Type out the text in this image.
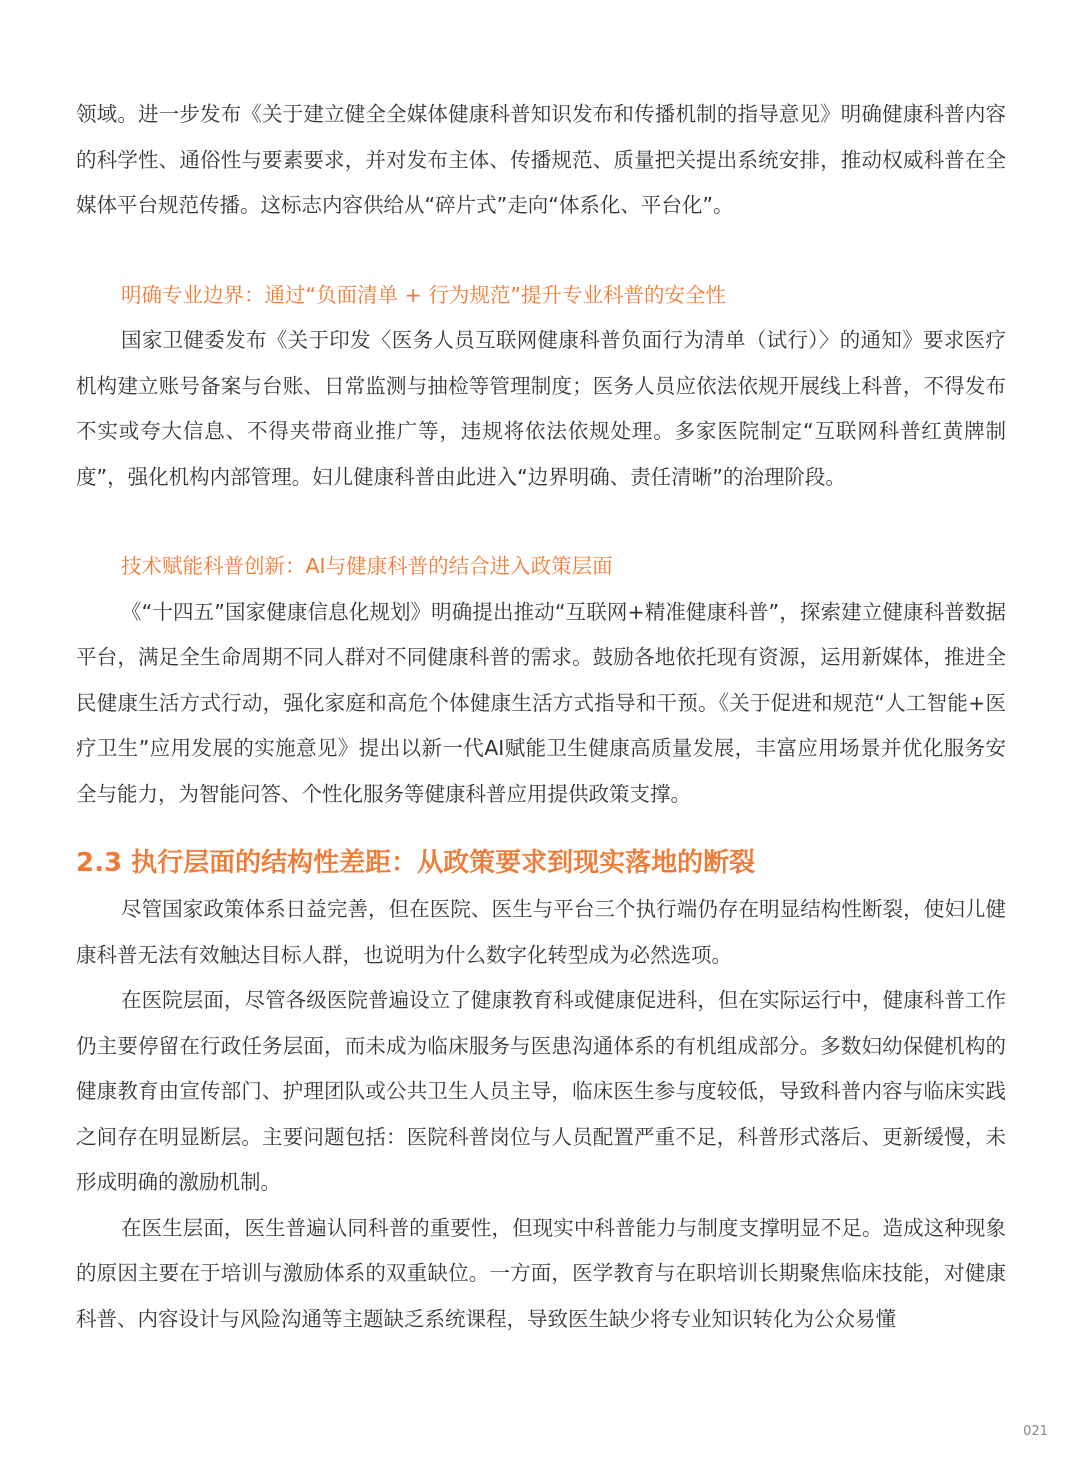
领域。进一步发布《关于建立健全全媒体健康科普知识发布和传播机制的指导意见》明确健康科普内容的科学性、通俗性与要素要求，并对发布主体、传播规范、质量把关提出系统安排，推动权威科普在全媒体平台规范传播。这标志内容供给从“碎片式”走向“体系化、平台化”。

明确专业边界：通过“负面清单 + 行为规范”提升专业科普的安全性

国家卫健委发布《关于印发〈医务人员互联网健康科普负面行为清单（试行）〉的通知》要求医疗机构建立账号备案与台账、日常监测与抽检等管理制度；医务人员应依法依规开展线上科普，不得发布不实或夸大信息、不得夹带商业推广等，违规将依法依规处理。多家医院制定“互联网科普红黄牌制度”，强化机构内部管理。妇儿健康科普由此进入“边界明确、责任清晰”的治理阶段。

技术赋能科普创新：AI与健康科普的结合进入政策层面

《“十四五”国家健康信息化规划》明确提出推动“互联网+精准健康科普”，探索建立健康科普数据平台，满足全生命周期不同人群对不同健康科普的需求。鼓励各地依托现有资源，运用新媒体，推进全民健康生活方式行动，强化家庭和高危个体健康生活方式指导和干预。《关于促进和规范“人工智能+医疗卫生”应用发展的实施意见》提出以新一代AI赋能卫生健康高质量发展，丰富应用场景并优化服务安全与能力，为智能问答、个性化服务等健康科普应用提供政策支撑。

2.3 执行层面的结构性差距：从政策要求到现实落地的断裂

尽管国家政策体系日益完善，但在医院、医生与平台三个执行端仍存在明显结构性断裂，使妇儿健康科普无法有效触达目标人群，也说明为什么数字化转型成为必然选项。

在医院层面，尽管各级医院普遍设立了健康教育科或健康促进科，但在实际运行中，健康科普工作仍主要停留在行政任务层面，而未成为临床服务与医患沟通体系的有机组成部分。多数妇幼保健机构的健康教育由宣传部门、护理团队或公共卫生人员主导，临床医生参与度较低，导致科普内容与临床实践之间存在明显断层。主要问题包括：医院科普岗位与人员配置严重不足，科普形式落后、更新缓慢，未形成明确的激励机制。

在医生层面，医生普遍认同科普的重要性，但现实中科普能力与制度支撑明显不足。造成这种现象的原因主要在于培训与激励体系的双重缺位。一方面，医学教育与在职培训长期聚焦临床技能，对健康科普、内容设计与风险沟通等主题缺乏系统课程，导致医生缺少将专业知识转化为公众易懂

021
